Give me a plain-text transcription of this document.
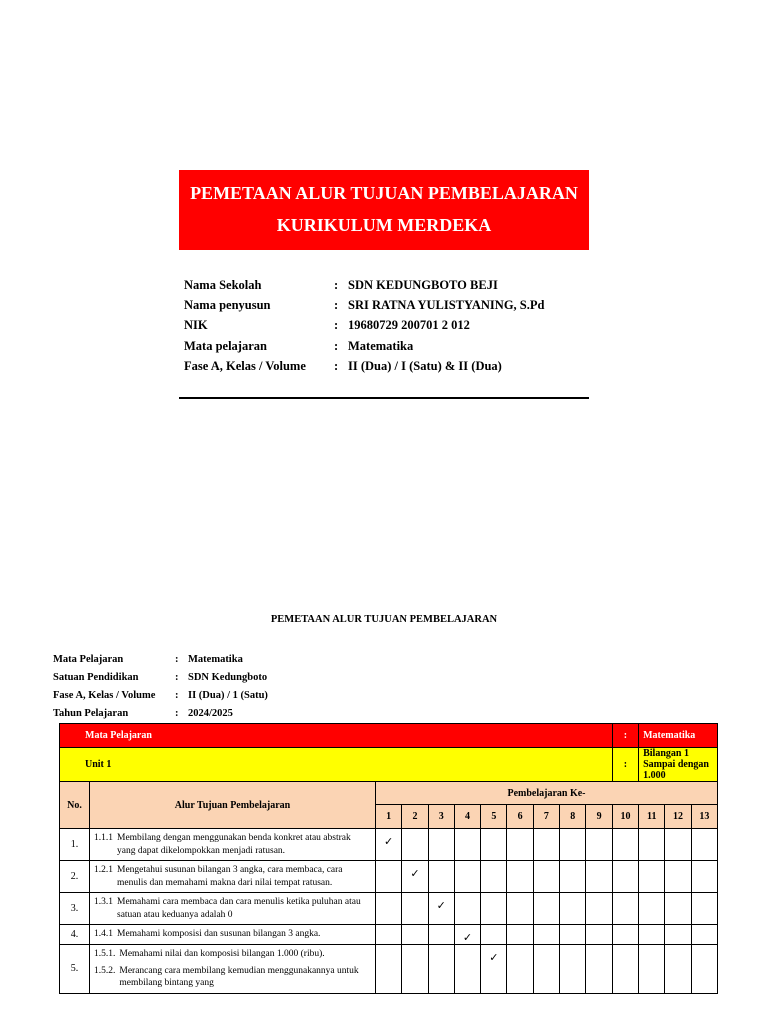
PEMETAAN ALUR TUJUAN PEMBELAJARAN
KURIKULUM MERDEKA
Nama Sekolah	: SDN KEDUNGBOTO BEJI
Nama penyusun	: SRI RATNA YULISTYANING, S.Pd
NIK	: 19680729 200701 2 012
Mata pelajaran	: Matematika
Fase A, Kelas / Volume	: II (Dua) / I (Satu) & II (Dua)
PEMETAAN ALUR TUJUAN PEMBELAJARAN
Mata Pelajaran	: Matematika
Satuan Pendidikan	: SDN Kedungboto
Fase A, Kelas / Volume	: II (Dua) / 1 (Satu)
Tahun Pelajaran	: 2024/2025
Mata Pelajaran											:	Matematika		
Unit 1											:	Bilangan 1 Sampai dengan 1.000		
No.	Alur Tujuan Pembelajaran	Pembelajaran Ke-												
		1	2	3	4	5	6	7	8	9	10	11	12	13
1.	1.1.1 Membilang dengan menggunakan benda konkret atau abstrak yang dapat dikelompokkan menjadi ratusan.	✓												
2.	1.2.1 Mengetahui susunan bilangan 3 angka, cara membaca, cara menulis dan memahami makna dari nilai tempat ratusan.		✓											
3.	1.3.1 Memahami cara membaca dan cara menulis ketika puluhan atau satuan atau keduanya adalah 0			✓										
4.	1.4.1 Memahami komposisi dan susunan bilangan 3 angka.				✓									
5.	1.5.1. Memahami nilai dan komposisi bilangan 1.000 (ribu).
1.5.2. Merancang cara membilang kemudian menggunakannya untuk membilang bintang yang					✓								
